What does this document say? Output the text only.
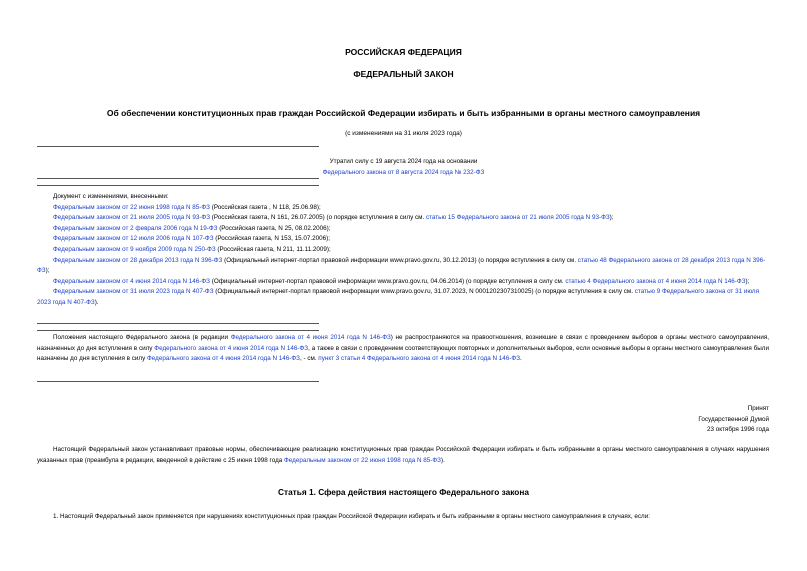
РОССИЙСКАЯ ФЕДЕРАЦИЯ
ФЕДЕРАЛЬНЫЙ ЗАКОН
Об обеспечении конституционных прав граждан Российской Федерации избирать и быть избранными в органы местного самоуправления
(с изменениями на 31 июля 2023 года)

Утратил силу с 19 августа 2024 года на основании

Федерального закона от 8 августа 2024 года № 232-ФЗ

Документ с изменениями, внесенными:

Федеральным законом от 22 июня 1998 года N 85-ФЗ (Российская газета , N 118, 25.06.98);

Федеральным законом от 21 июля 2005 года N 93-ФЗ (Российская газета, N 161, 26.07.2005) (о порядке вступления в силу см. статью 15 Федерального закона от 21 июля 2005 года N 93-ФЗ);

Федеральным законом от 2 февраля 2006 года N 19-ФЗ (Российская газета, N 25, 08.02.2006);

Федеральным законом от 12 июля 2006 года N 107-ФЗ (Российская газета, N 153, 15.07.2006);

Федеральным законом от 9 ноября 2009 года N 250-ФЗ (Российская газета, N 211, 11.11.2009);

Федеральным законом от 28 декабря 2013 года N 396-ФЗ (Официальный интернет-портал правовой информации www.pravo.gov.ru, 30.12.2013) (о порядке вступления в силу см. статью 48 Федерального закона от 28 декабря 2013 года N 396-ФЗ);

Федеральным законом от 4 июня 2014 года N 146-ФЗ (Официальный интернет-портал правовой информации www.pravo.gov.ru, 04.06.2014) (о порядке вступления в силу см. статью 4 Федерального закона от 4 июня 2014 года N 146-ФЗ);

Федеральным законом от 31 июля 2023 года N 407-ФЗ (Официальный интернет-портал правовой информации www.pravo.gov.ru, 31.07.2023, N 0001202307310025) (о порядке вступления в силу см. статью 9 Федерального закона от 31 июля 2023 года N 407-ФЗ).

Положения настоящего Федерального закона (в редакции Федерального закона от 4 июня 2014 года N 146-ФЗ) не распространяются на правоотношения, возникшие в связи с проведением выборов в органы местного самоуправления, назначенных до дня вступления в силу Федерального закона от 4 июня 2014 года N 146-ФЗ, а также в связи с проведением соответствующих повторных и дополнительных выборов, если основные выборы в органы местного самоуправления были назначены до дня вступления в силу Федерального закона от 4 июня 2014 года N 146-ФЗ, - см. пункт 3 статьи 4 Федерального закона от 4 июня 2014 года N 146-ФЗ.

Принят

Государственной Думой

23 октября 1996 года

Настоящий Федеральный закон устанавливает правовые нормы, обеспечивающие реализацию конституционных прав граждан Российской Федерации избирать и быть избранными в органы местного самоуправления в случаях нарушения указанных прав (преамбула в редакции, введенной в действие с 25 июня 1998 года Федеральным законом от 22 июня 1998 года N 85-ФЗ).

Статья 1. Сфера действия настоящего Федерального закона

1. Настоящий Федеральный закон применяется при нарушениях конституционных прав граждан Российской Федерации избирать и быть избранными в органы местного самоуправления в случаях, если:
